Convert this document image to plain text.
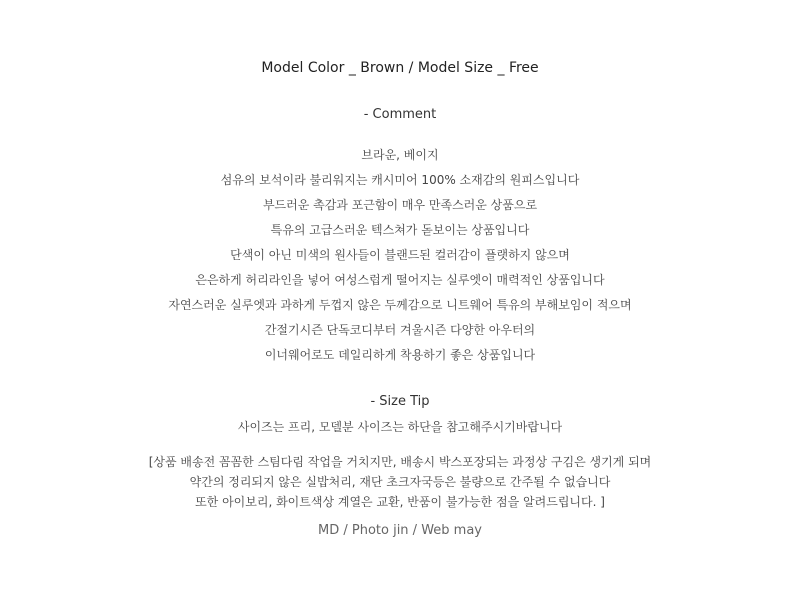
Model Color _ Brown / Model Size _ Free
- Comment
브라운, 베이지
섬유의 보석이라 불리워지는 캐시미어 100% 소재감의 원피스입니다
부드러운 촉감과 포근함이 매우 만족스러운 상품으로
특유의 고급스러운 텍스쳐가 돋보이는 상품입니다
단색이 아닌 미색의 원사들이 블랜드된 컬러감이 플랫하지 않으며
은은하게 허리라인을 넣어 여성스럽게 떨어지는 실루엣이 매력적인 상품입니다
자연스러운 실루엣과 과하게 두껍지 않은 두께감으로 니트웨어 특유의 부해보임이 적으며
간절기시즌 단독코디부터 겨울시즌 다양한 아우터의
이너웨어로도 데일리하게 착용하기 좋은 상품입니다
- Size Tip
사이즈는 프리, 모델분 사이즈는 하단을 참고해주시기바랍니다
[상품 배송전 꼼꼼한 스팀다림 작업을 거치지만, 배송시 박스포장되는 과정상 구김은 생기게 되며
약간의 정리되지 않은 실밥처리, 재단 초크자국등은 불량으로 간주될 수 없습니다
또한 아이보리, 화이트색상 계열은 교환, 반품이 불가능한 점을 알려드립니다. ]
MD / Photo jin / Web may
